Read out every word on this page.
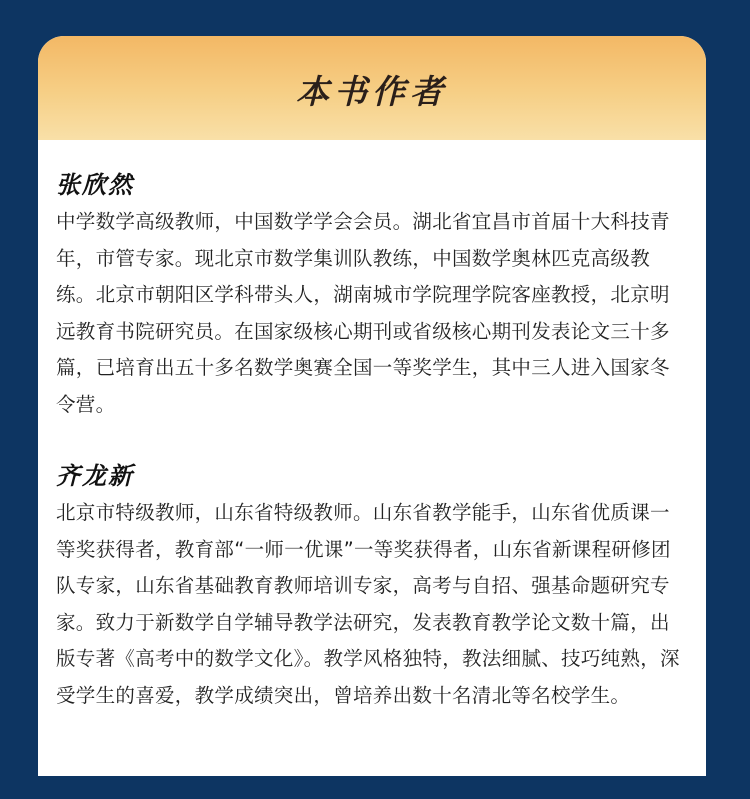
本书作者
张欣然

中学数学高级教师，中国数学学会会员。湖北省宜昌市首届十大科技青年，市管专家。现北京市数学集训队教练，中国数学奥林匹克高级教练。北京市朝阳区学科带头人，湖南城市学院理学院客座教授，北京明远教育书院研究员。在国家级核心期刊或省级核心期刊发表论文三十多篇，已培育出五十多名数学奥赛全国一等奖学生，其中三人进入国家冬令营。

齐龙新

北京市特级教师，山东省特级教师。山东省教学能手，山东省优质课一等奖获得者，教育部“一师一优课”一等奖获得者，山东省新课程研修团队专家，山东省基础教育教师培训专家，高考与自招、强基命题研究专家。致力于新数学自学辅导教学法研究，发表教育教学论文数十篇，出版专著《高考中的数学文化》。教学风格独特，教法细腻、技巧纯熟，深受学生的喜爱，教学成绩突出，曾培养出数十名清北等名校学生。
